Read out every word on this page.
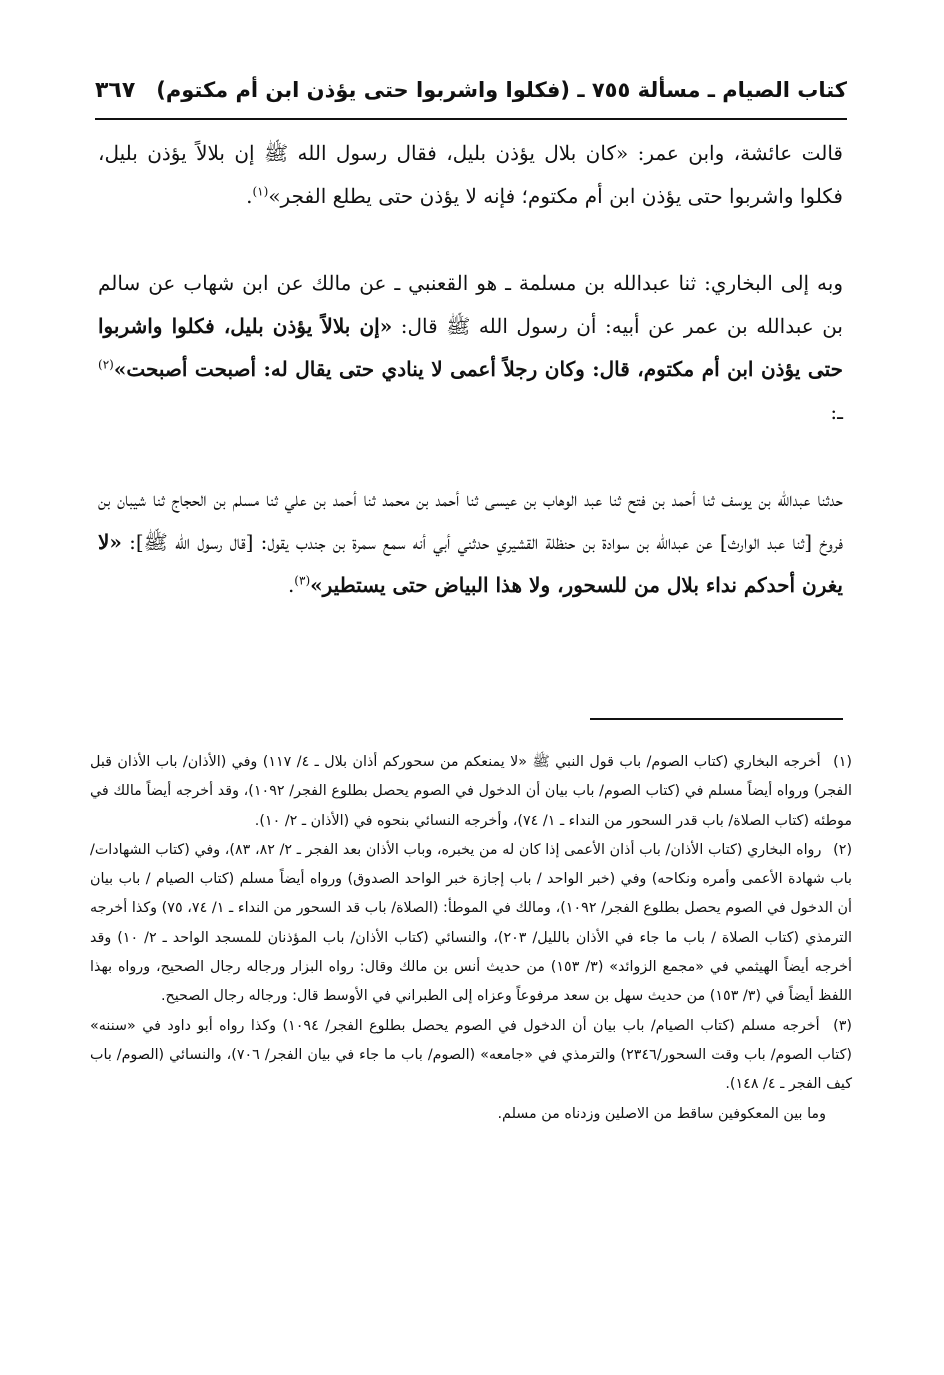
كتاب الصيام ـ مسألة ٧٥٥ ـ (فكلوا واشربوا حتى يؤذن ابن أم مكتوم)
٣٦٧

قالت عائشة، وابن عمر: «كان بلال يؤذن بليل، فقال رسول الله ﷺ إن بلالاً يؤذن بليل، فكلوا واشربوا حتى يؤذن ابن أم مكتوم؛ فإنه لا يؤذن حتى يطلع الفجر»$^{(١)}$.

وبه إلى البخاري: ثنا عبدالله بن مسلمة ـ هو القعنبي ـ عن مالك عن ابن شهاب عن سالم بن عبدالله بن عمر عن أبيه: أن رسول الله ﷺ قال: «إن بلالاً يؤذن بليل، فكلوا واشربوا حتى يؤذن ابن أم مكتوم، قال: وكان رجلاً أعمى لا ينادي حتى يقال له: أصبحت أصبحت»$^{(٢)}$ ـ:

حدثنا عبدالله بن يوسف ثنا أحمد بن فتح ثنا عبد الوهاب بن عيسى ثنا أحمد بن محمد ثنا أحمد بن علي ثنا مسلم بن الحجاج ثنا شيبان بن فروخ [ثنا عبد الوارث] عن عبدالله بن سوادة بن حنظلة القشيري حدثني أبي أنه سمع سمرة بن جندب يقول: [قال رسول الله ﷺ]: «لا يغرن أحدكم نداء بلال من للسحور، ولا هذا البياض حتى يستطير»$^{(٣)}$.

(١) أخرجه البخاري (كتاب الصوم/ باب قول النبي ﷺ «لا يمنعكم من سحوركم أذان بلال ـ ٤/ ١١٧) وفي (الأذان/ باب الأذان قبل الفجر) ورواه أيضاً مسلم في (كتاب الصوم/ باب بيان أن الدخول في الصوم يحصل بطلوع الفجر/ ١٠٩٢)، وقد أخرجه أيضاً مالك في موطئه (كتاب الصلاة/ باب قدر السحور من النداء ـ ١/ ٧٤)، وأخرجه النسائي بنحوه في (الأذان ـ ٢/ ١٠).

(٢) رواه البخاري (كتاب الأذان/ باب أذان الأعمى إذا كان له من يخبره، وباب الأذان بعد الفجر ـ ٢/ ٨٢، ٨٣)، وفي (كتاب الشهادات/ باب شهادة الأعمى وأمره ونكاحه) وفي (خبر الواحد / باب إجازة خبر الواحد الصدوق) ورواه أيضاً مسلم (كتاب الصيام / باب بيان أن الدخول في الصوم يحصل بطلوع الفجر/ ١٠٩٢)، ومالك في الموطأ: (الصلاة/ باب قد السحور من النداء ـ ١/ ٧٤، ٧٥) وكذا أخرجه الترمذي (كتاب الصلاة / باب ما جاء في الأذان بالليل/ ٢٠٣)، والنسائي (كتاب الأذان/ باب المؤذنان للمسجد الواحد ـ ٢/ ١٠) وقد أخرجه أيضاً الهيثمي في «مجمع الزوائد» (٣/ ١٥٣) من حديث أنس بن مالك وقال: رواه البزار ورجاله رجال الصحيح، ورواه بهذا اللفظ أيضاً في (٣/ ١٥٣) من حديث سهل بن سعد مرفوعاً وعزاه إلى الطبراني في الأوسط قال: ورجاله رجال الصحيح.

(٣) أخرجه مسلم (كتاب الصيام/ باب بيان أن الدخول في الصوم يحصل بطلوع الفجر/ ١٠٩٤) وكذا رواه أبو داود في «سننه» (كتاب الصوم/ باب وقت السحور/٢٣٤٦) والترمذي في «جامعه» (الصوم/ باب ما جاء في بيان الفجر/ ٧٠٦)، والنسائي (الصوم/ باب كيف الفجر ـ ٤/ ١٤٨).

وما بين المعكوفين ساقط من الاصلين وزدناه من مسلم.
